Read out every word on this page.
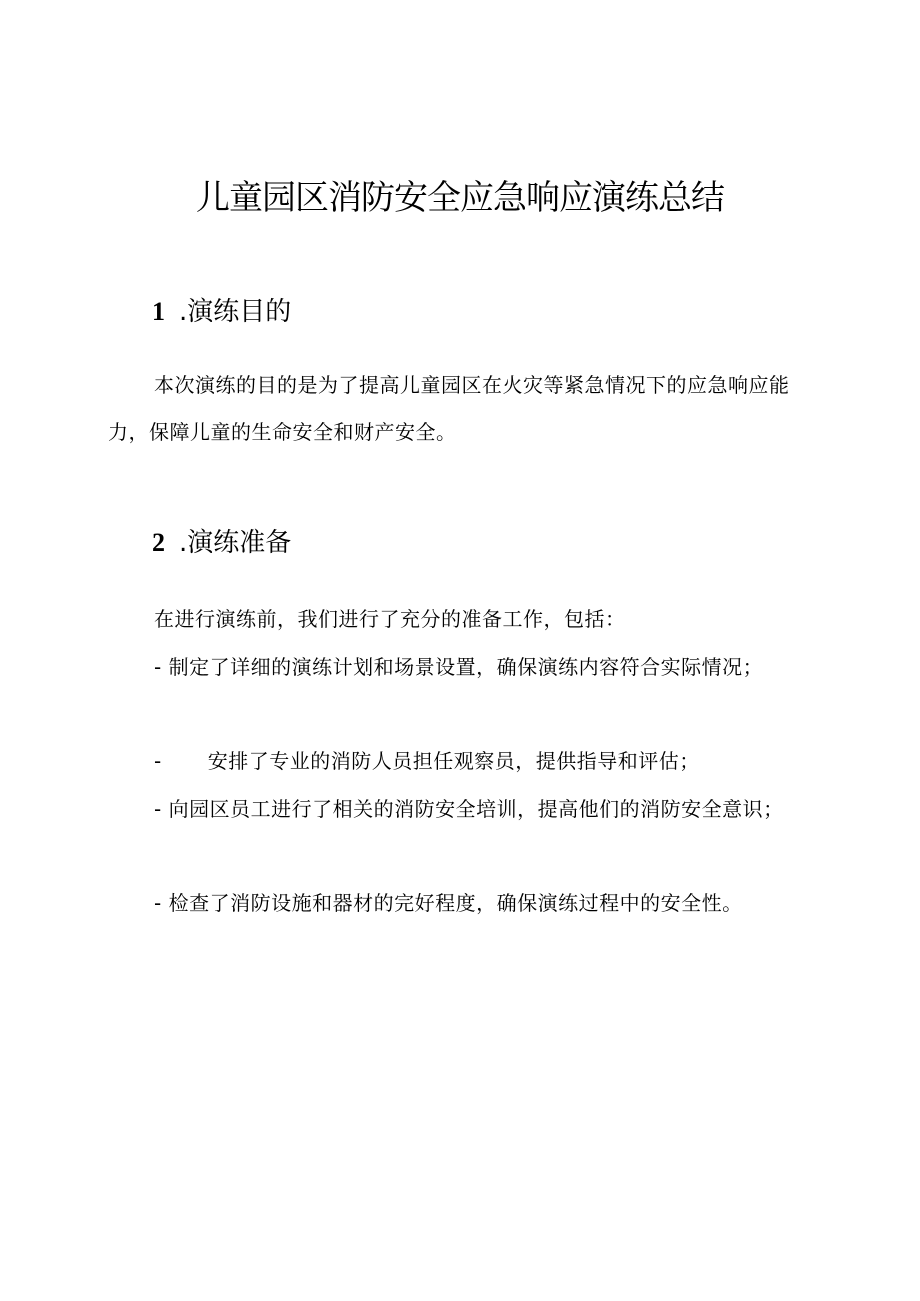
儿童园区消防安全应急响应演练总结
1 .演练目的

本次演练的目的是为了提高儿童园区在火灾等紧急情况下的应急响应能力，保障儿童的生命安全和财产安全。

2 .演练准备

在进行演练前，我们进行了充分的准备工作，包括：

- 制定了详细的演练计划和场景设置，确保演练内容符合实际情况；

- 安排了专业的消防人员担任观察员，提供指导和评估；

- 向园区员工进行了相关的消防安全培训，提高他们的消防安全意识；

- 检查了消防设施和器材的完好程度，确保演练过程中的安全性。
